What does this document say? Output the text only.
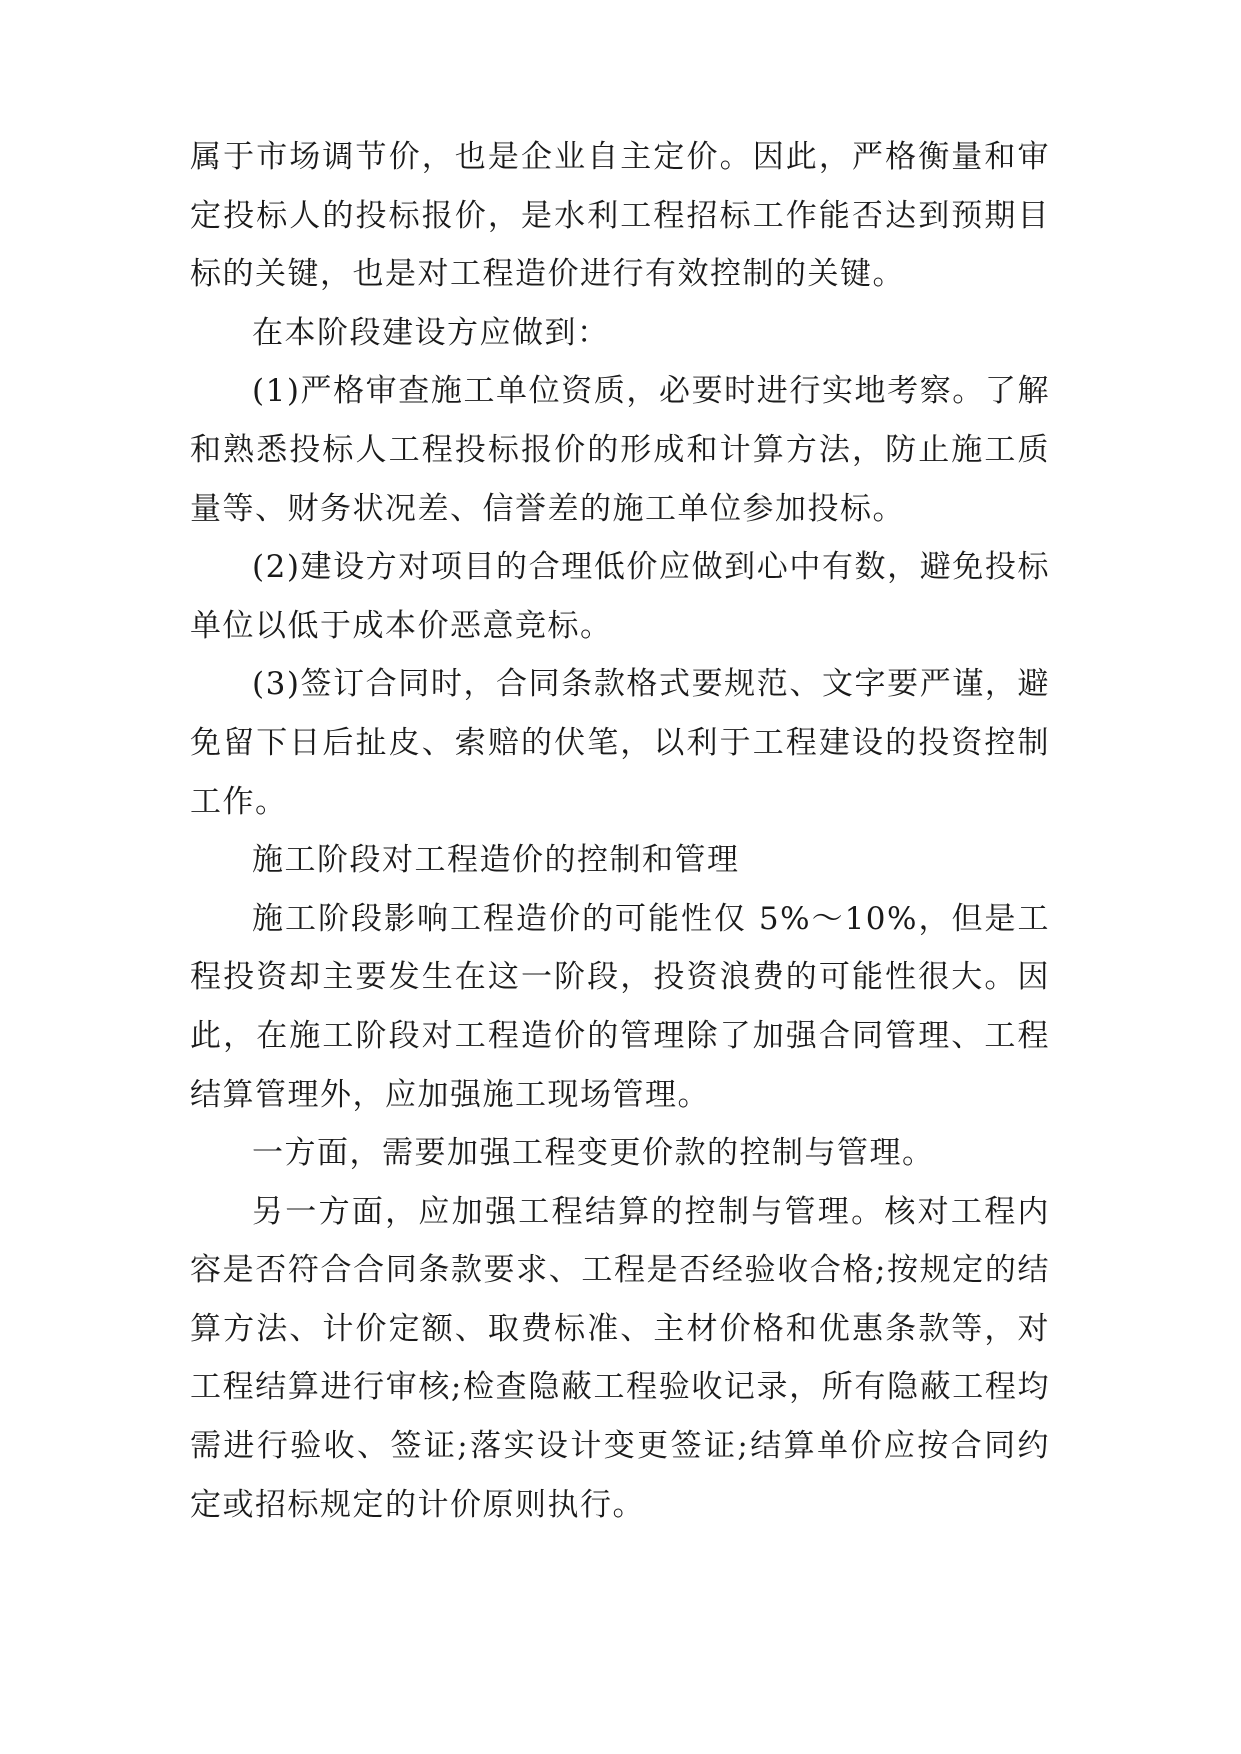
属于市场调节价，也是企业自主定价。因此，严格衡量和审定投标人的投标报价，是水利工程招标工作能否达到预期目标的关键，也是对工程造价进行有效控制的关键。

在本阶段建设方应做到：

(1)严格审查施工单位资质，必要时进行实地考察。了解和熟悉投标人工程投标报价的形成和计算方法，防止施工质量等、财务状况差、信誉差的施工单位参加投标。

(2)建设方对项目的合理低价应做到心中有数，避免投标单位以低于成本价恶意竞标。

(3)签订合同时，合同条款格式要规范、文字要严谨，避免留下日后扯皮、索赔的伏笔，以利于工程建设的投资控制工作。

施工阶段对工程造价的控制和管理

施工阶段影响工程造价的可能性仅 5%～10%，但是工程投资却主要发生在这一阶段，投资浪费的可能性很大。因此，在施工阶段对工程造价的管理除了加强合同管理、工程结算管理外，应加强施工现场管理。

一方面，需要加强工程变更价款的控制与管理。

另一方面，应加强工程结算的控制与管理。核对工程内容是否符合合同条款要求、工程是否经验收合格;按规定的结算方法、计价定额、取费标准、主材价格和优惠条款等，对工程结算进行审核;检查隐蔽工程验收记录，所有隐蔽工程均需进行验收、签证;落实设计变更签证;结算单价应按合同约定或招标规定的计价原则执行。
